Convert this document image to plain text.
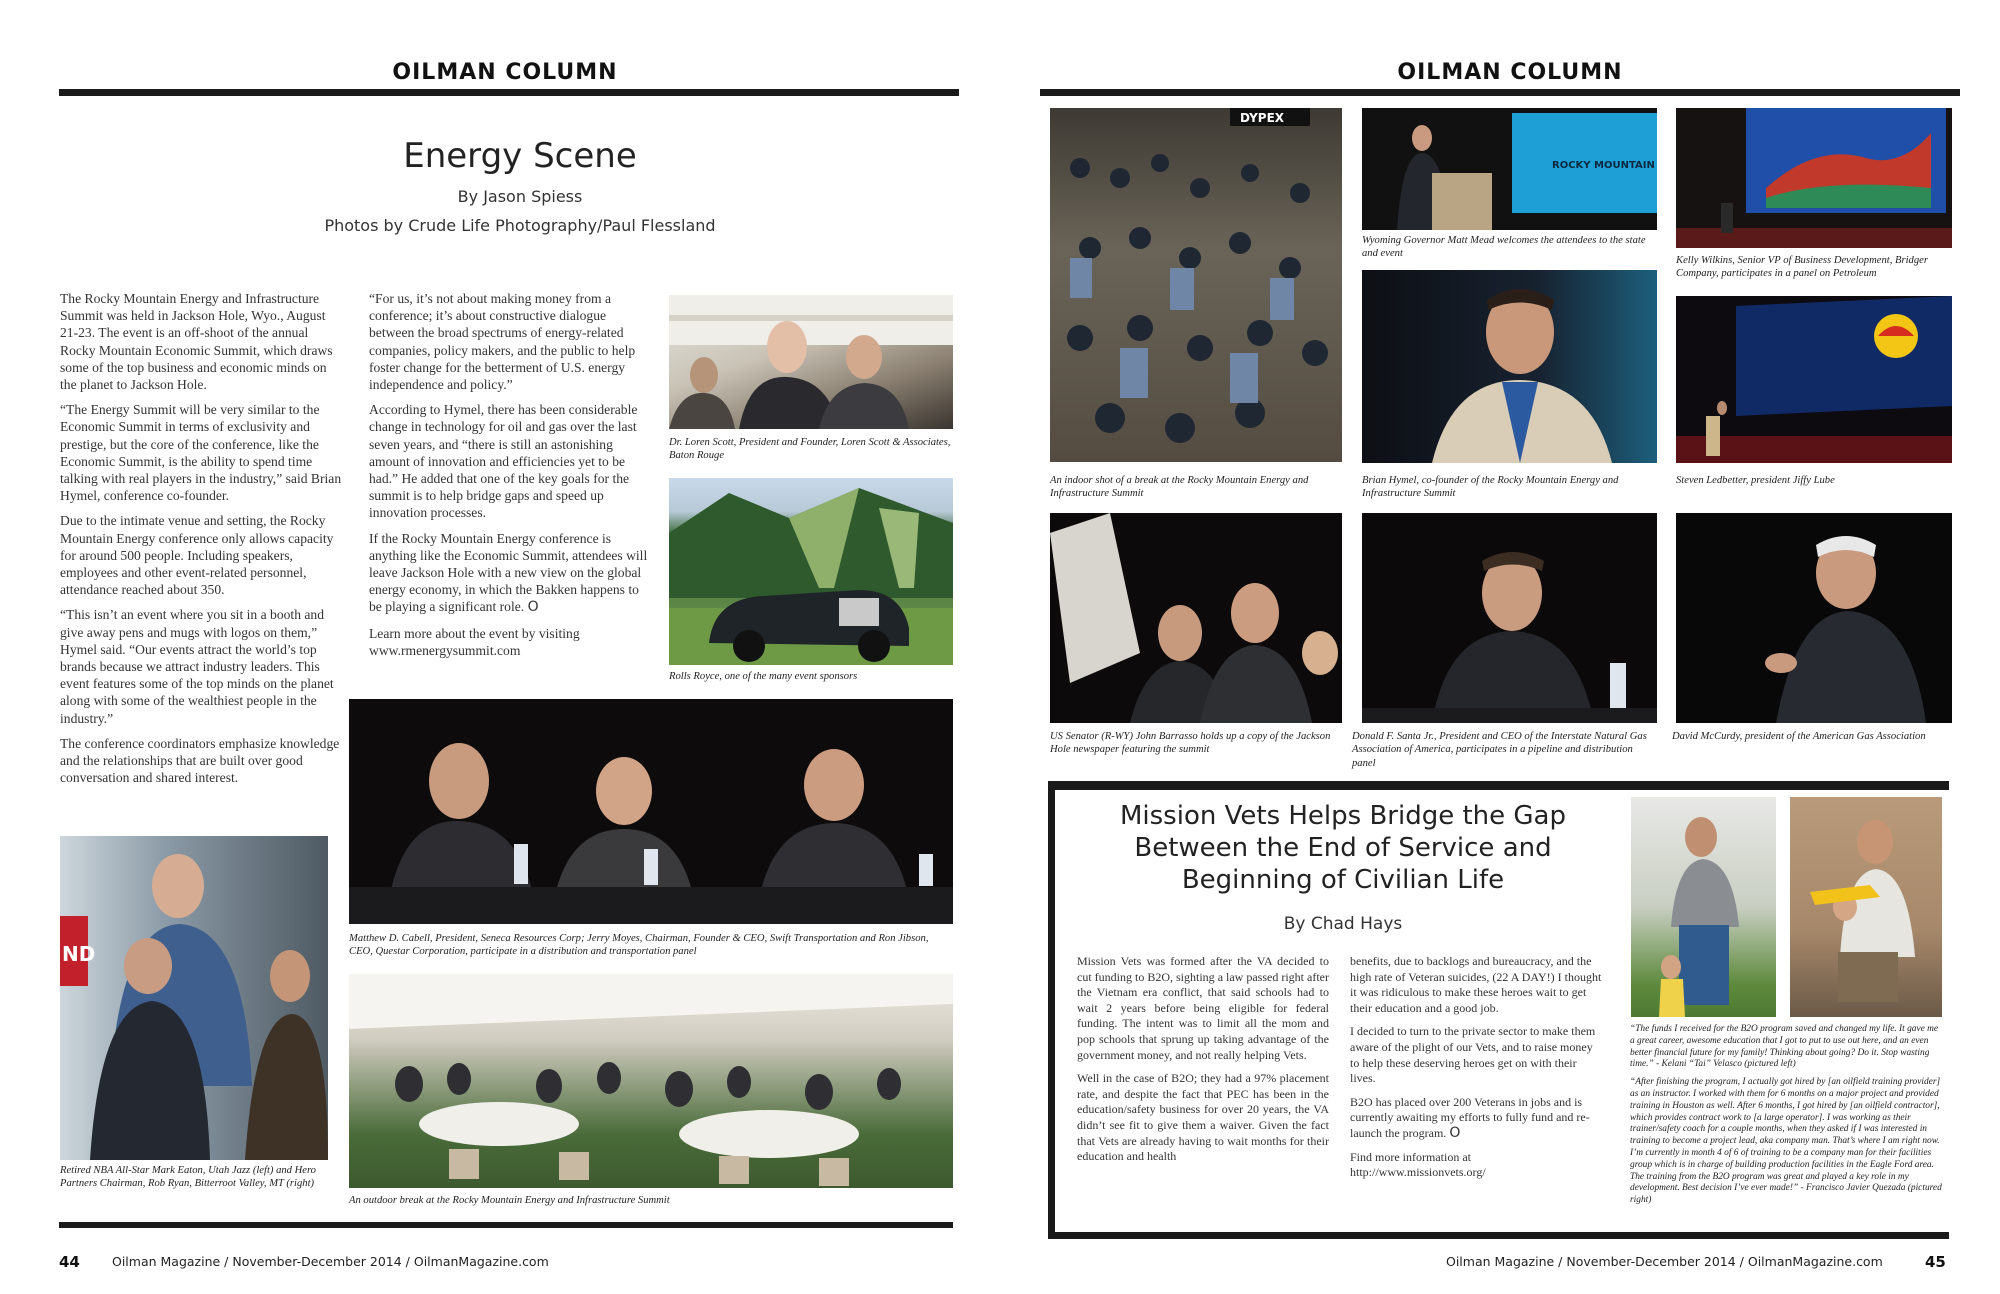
OILMAN COLUMN
Energy Scene
By Jason Spiess
Photos by Crude Life Photography/Paul Flessland

The Rocky Mountain Energy and Infrastructure Summit was held in Jackson Hole, Wyo., August 21-23. The event is an off-shoot of the annual Rocky Mountain Economic Summit, which draws some of the top business and economic minds on the planet to Jackson Hole.

“The Energy Summit will be very similar to the Economic Summit in terms of exclusivity and prestige, but the core of the conference, like the Economic Summit, is the ability to spend time talking with real players in the industry,” said Brian Hymel, conference co-founder.

Due to the intimate venue and setting, the Rocky Mountain Energy conference only allows capacity for around 500 people. Including speakers, employees and other event-related personnel, attendance reached about 350.

“This isn’t an event where you sit in a booth and give away pens and mugs with logos on them,” Hymel said. “Our events attract the world’s top brands because we attract industry leaders. This event features some of the top minds on the planet along with some of the wealthiest people in the industry.”

The conference coordinators emphasize knowledge and the relationships that are built over good conversation and shared interest.

“For us, it’s not about making money from a conference; it’s about constructive dialogue between the broad spectrums of energy-related companies, policy makers, and the public to help foster change for the betterment of U.S. energy independence and policy.”

According to Hymel, there has been considerable change in technology for oil and gas over the last seven years, and “there is still an astonishing amount of innovation and efficiencies yet to be had.” He added that one of the key goals for the summit is to help bridge gaps and speed up innovation processes.

If the Rocky Mountain Energy conference is anything like the Economic Summit, attendees will leave Jackson Hole with a new view on the global energy economy, in which the Bakken happens to be playing a significant role. O

Learn more about the event by visiting www.rmenergysummit.com

Dr. Loren Scott, President and Founder, Loren Scott & Associates, Baton Rouge
Rolls Royce, one of the many event sponsors
Matthew D. Cabell, President, Seneca Resources Corp; Jerry Moyes, Chairman, Founder & CEO, Swift Transportation and Ron Jibson, CEO, Questar Corporation, participate in a distribution and transportation panel
ND
Retired NBA All-Star Mark Eaton, Utah Jazz (left) and Hero Partners Chairman, Rob Ryan, Bitterroot Valley, MT (right)
An outdoor break at the Rocky Mountain Energy and Infrastructure Summit
44	Oilman Magazine / November-December 2014 / OilmanMagazine.com
OILMAN COLUMN
DYPEX
An indoor shot of a break at the Rocky Mountain Energy and Infrastructure Summit
ROCKY MOUNTAIN
Wyoming Governor Matt Mead welcomes the attendees to the state and event
Kelly Wilkins, Senior VP of Business Development, Bridger Company, participates in a panel on Petroleum
Brian Hymel, co-founder of the Rocky Mountain Energy and Infrastructure Summit
Steven Ledbetter, president Jiffy Lube
US Senator (R-WY) John Barrasso holds up a copy of the Jackson Hole newspaper featuring the summit
Donald F. Santa Jr., President and CEO of the Interstate Natural Gas Association of America, participates in a pipeline and distribution panel
David McCurdy, president of the American Gas Association
Mission Vets Helps Bridge the Gap Between the End of Service and Beginning of Civilian Life
By Chad Hays

Mission Vets was formed after the VA decided to cut funding to B2O, sighting a law passed right after the Vietnam era conflict, that said schools had to wait 2 years before being eligible for federal funding. The intent was to limit all the mom and pop schools that sprung up taking advantage of the government money, and not really helping Vets.

Well in the case of B2O; they had a 97% placement rate, and despite the fact that PEC has been in the education/safety business for over 20 years, the VA didn’t see fit to give them a waiver. Given the fact that Vets are already having to wait months for their education and health

benefits, due to backlogs and bureaucracy, and the high rate of Veteran suicides, (22 A DAY!) I thought it was ridiculous to make these heroes wait to get their education and a good job.

I decided to turn to the private sector to make them aware of the plight of our Vets, and to raise money to help these deserving heroes get on with their lives.

B2O has placed over 200 Veterans in jobs and is currently awaiting my efforts to fully fund and re-launch the program. O

Find more information at http://www.missionvets.org/

“The funds I received for the B2O program saved and changed my life. It gave me a great career, awesome education that I got to put to use out here, and an even better financial future for my family! Thinking about going? Do it. Stop wasting time.” - Kelani “Tai” Velasco (pictured left)
“After finishing the program, I actually got hired by [an oilfield training provider] as an instructor. I worked with them for 6 months on a major project and provided training in Houston as well. After 6 months, I got hired by [an oilfield contractor], which provides contract work to [a large operator]. I was working as their trainer/safety coach for a couple months, when they asked if I was interested in training to become a project lead, aka company man. That’s where I am right now. I’m currently in month 4 of 6 of training to be a company man for their facilities group which is in charge of building production facilities in the Eagle Ford area. The training from the B2O program was great and played a key role in my development. Best decision I’ve ever made!” - Francisco Javier Quezada (pictured right)
Oilman Magazine / November-December 2014 / OilmanMagazine.com	45
